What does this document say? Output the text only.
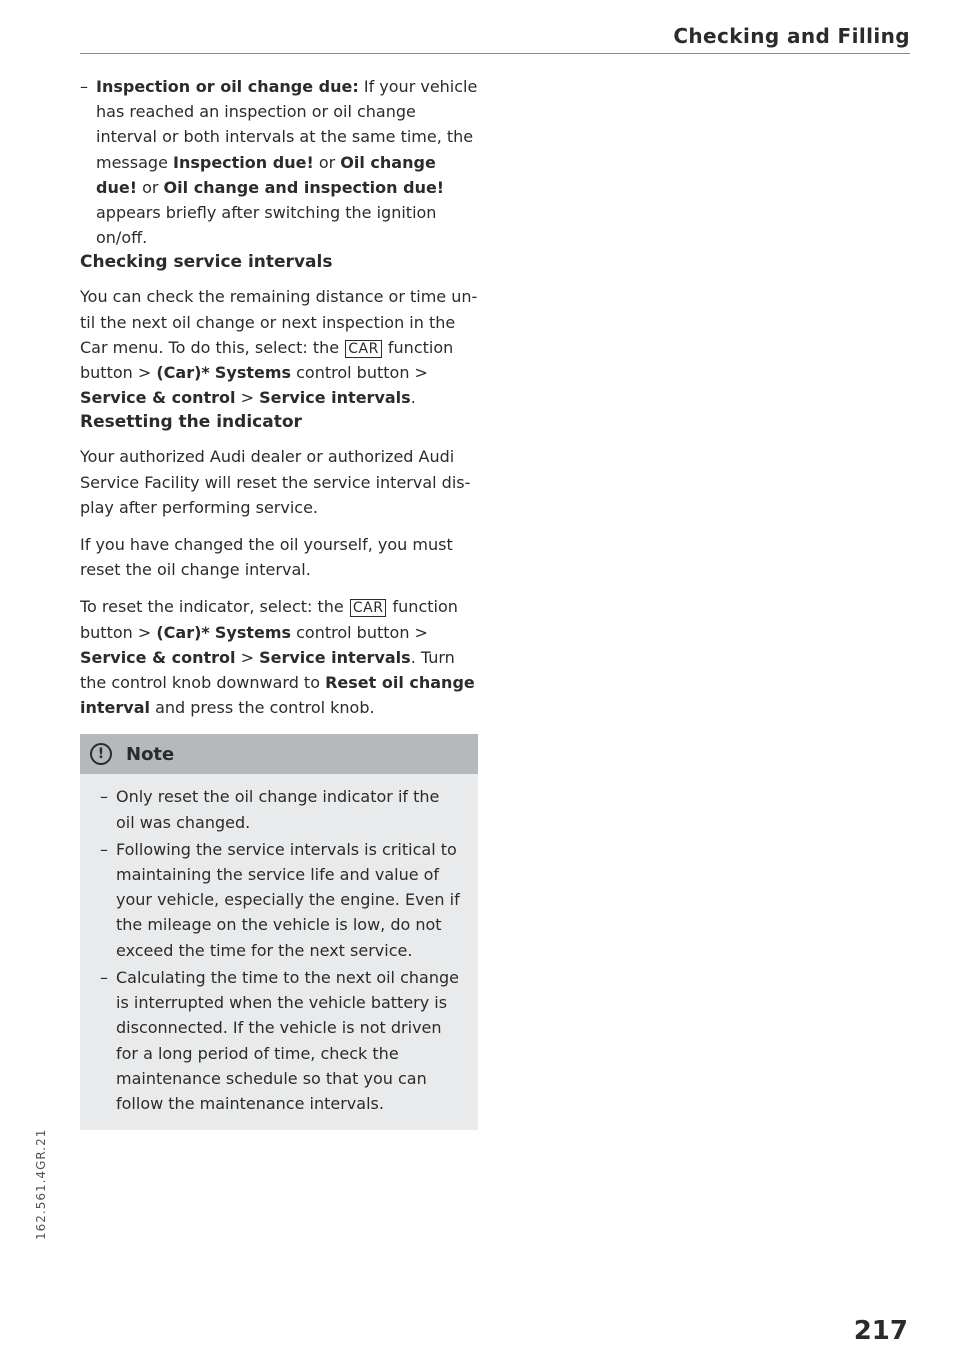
Checking and Filling
– Inspection or oil change due: If your vehicle has reached an inspection or oil change interval or both intervals at the same time, the message Inspection due! or Oil change due! or Oil change and inspection due! appears briefly after switching the ignition on/off.
Checking service intervals

You can check the remaining distance or time until the next oil change or next inspection in the Car menu. To do this, select: the CAR function button > (Car)* Systems control button > Service & control > Service intervals.

Resetting the indicator

Your authorized Audi dealer or authorized Audi Service Facility will reset the service interval display after performing service.

If you have changed the oil yourself, you must reset the oil change interval.

To reset the indicator, select: the CAR function button > (Car)* Systems control button > Service & control > Service intervals. Turn the control knob downward to Reset oil change interval and press the control knob.

!	Note
– Only reset the oil change indicator if the oil was changed.
– Following the service intervals is critical to maintaining the service life and value of your vehicle, especially the engine. Even if the mileage on the vehicle is low, do not exceed the time for the next service.
– Calculating the time to the next oil change is interrupted when the vehicle battery is disconnected. If the vehicle is not driven for a long period of time, check the maintenance schedule so that you can follow the maintenance intervals.
162.561.4GR.21
217
